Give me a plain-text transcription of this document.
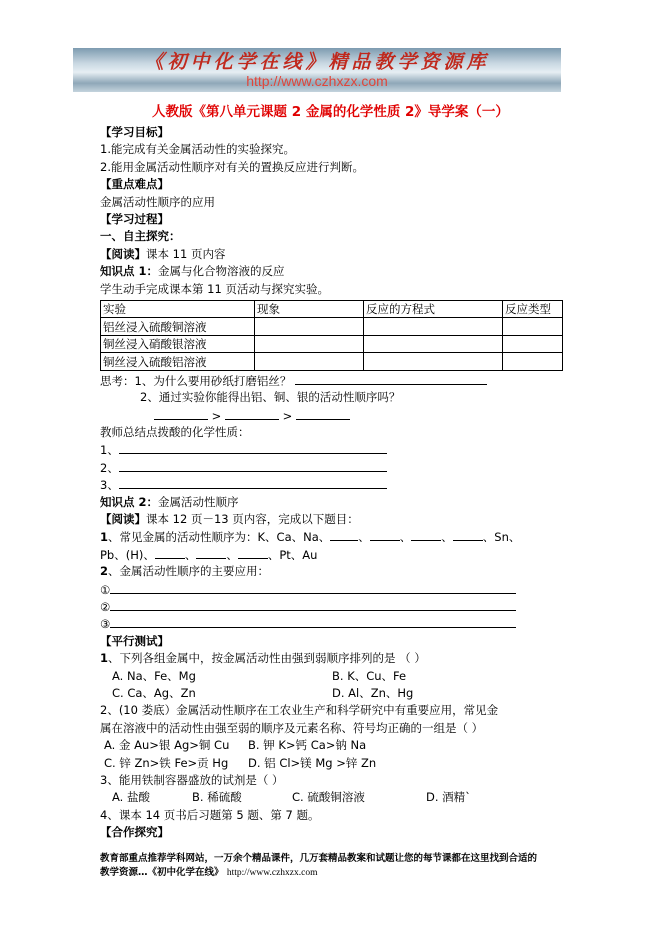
《初中化学在线》精品教学资源库
http://www.czhxzx.com
人教版《第八单元课题 2 金属的化学性质 2》导学案（一）
【学习目标】
1.能完成有关金属活动性的实验探究。
2.能用金属活动性顺序对有关的置换反应进行判断。
【重点难点】
金属活动性顺序的应用
【学习过程】
一、自主探究：
【阅读】课本 11 页内容
知识点 1：金属与化合物溶液的反应
学生动手完成课本第 11 页活动与探究实验。
实验	现象	反应的方程式	反应类型
铝丝浸入硫酸铜溶液			
铜丝浸入硝酸银溶液			
铜丝浸入硫酸铝溶液			
思考：1、为什么要用砂纸打磨铝丝？
2、通过实验你能得出铝、铜、银的活动性顺序吗？
>	>
教师总结点拨酸的化学性质：
1、
2、
3、
知识点 2：金属活动性顺序
【阅读】课本 12 页－13 页内容，完成以下题目：
1、常见金属的活动性顺序为：K、Ca、Na、 、	、	、	、Sn、
Pb、(H)、	、	、	、Pt、Au
2、金属活动性顺序的主要应用：
①
②
③
【平行测试】
1、下列各组金属中，按金属活动性由强到弱顺序排列的是 （ ）
A. Na、Fe、Mg	B. K、Cu、Fe
C. Ca、Ag、Zn	D. Al、Zn、Hg
2、(10 娄底）金属活动性顺序在工农业生产和科学研究中有重要应用，常见金
属在溶液中的活动性由强至弱的顺序及元素名称、符号均正确的一组是（ ）
A. 金 Au>银 Ag>铜 Cu B. 钾 K>钙 Ca>钠 Na
C. 锌 Zn>铁 Fe>贡 Hg D. 铝 Cl>镁 Mg >锌 Zn
3、能用铁制容器盛放的试剂是（ ）
A. 盐酸	B. 稀硫酸	C. 硫酸铜溶液	D. 酒精`
4、课本 14 页书后习题第 5 题、第 7 题。
【合作探究】
教育部重点推荐学科网站，一万余个精品课件，几万套精品教案和试题让您的每节课都在这里找到合适的
教学资源…《初中化学在线》 http://www.czhxzx.com
